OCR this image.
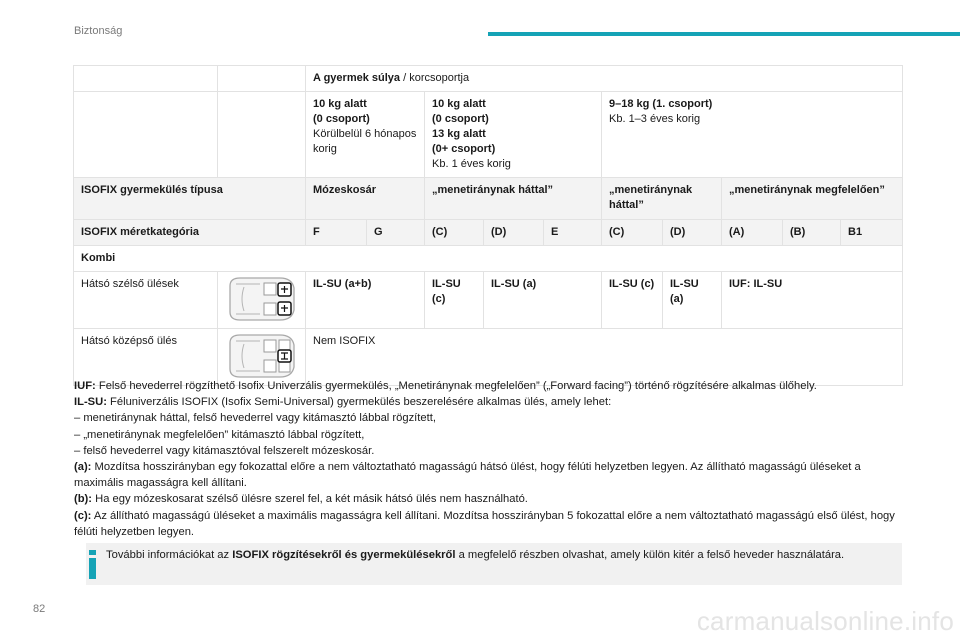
Biztonság
		A gyermek súlya / korcsoportja									

		10 kg alatt
(0 csoport)
Körülbelül 6 hónapos korig		10 kg alatt
(0 csoport)
13 kg alatt
(0+ csoport)
Kb. 1 éves korig			9–18 kg (1. csoport)
Kb. 1–3 éves korig				

ISOFIX gyermekülés típusa		Mózeskosár		„menetiránynak háttal”			„menetiránynak háttal”		„menetiránynak megfelelően”		
ISOFIX méretkategória		F	G	(C)	(D)	E	(C)	(D)	(A)	(B)	B1
Kombi											
Hátsó szélső ülések		IL-SU (a+b)		IL-SU (c)	IL-SU (a)		IL-SU (c)	IL-SU (a)	IUF: IL-SU		
Hátsó középső ülés		Nem ISOFIX									

IUF: Felső hevederrel rögzíthető Isofix Univerzális gyermekülés, „Menetiránynak megfelelően” („Forward facing”) történő rögzítésére alkalmas ülőhely.

IL-SU: Féluniverzális ISOFIX (Isofix Semi-Universal) gyermekülés beszerelésére alkalmas ülés, amely lehet:

– menetiránynak háttal, felső hevederrel vagy kitámasztó lábbal rögzített,

– „menetiránynak megfelelően” kitámasztó lábbal rögzített,

– felső hevederrel vagy kitámasztóval felszerelt mózeskosár.

(a): Mozdítsa hosszirányban egy fokozattal előre a nem változtatható magasságú hátsó ülést, hogy félúti helyzetben legyen. Az állítható magasságú üléseket a maximális magasságra kell állítani.

(b): Ha egy mózeskosarat szélső ülésre szerel fel, a két másik hátsó ülés nem használható.

(c): Az állítható magasságú üléseket a maximális magasságra kell állítani. Mozdítsa hosszirányban 5 fokozattal előre a nem változtatható magasságú első ülést, hogy félúti helyzetben legyen.

További információkat az ISOFIX rögzítésekről és gyermekülésekről a megfelelő részben olvashat, amely külön kitér a felső heveder használatára.
82	carmanualsonline.info
